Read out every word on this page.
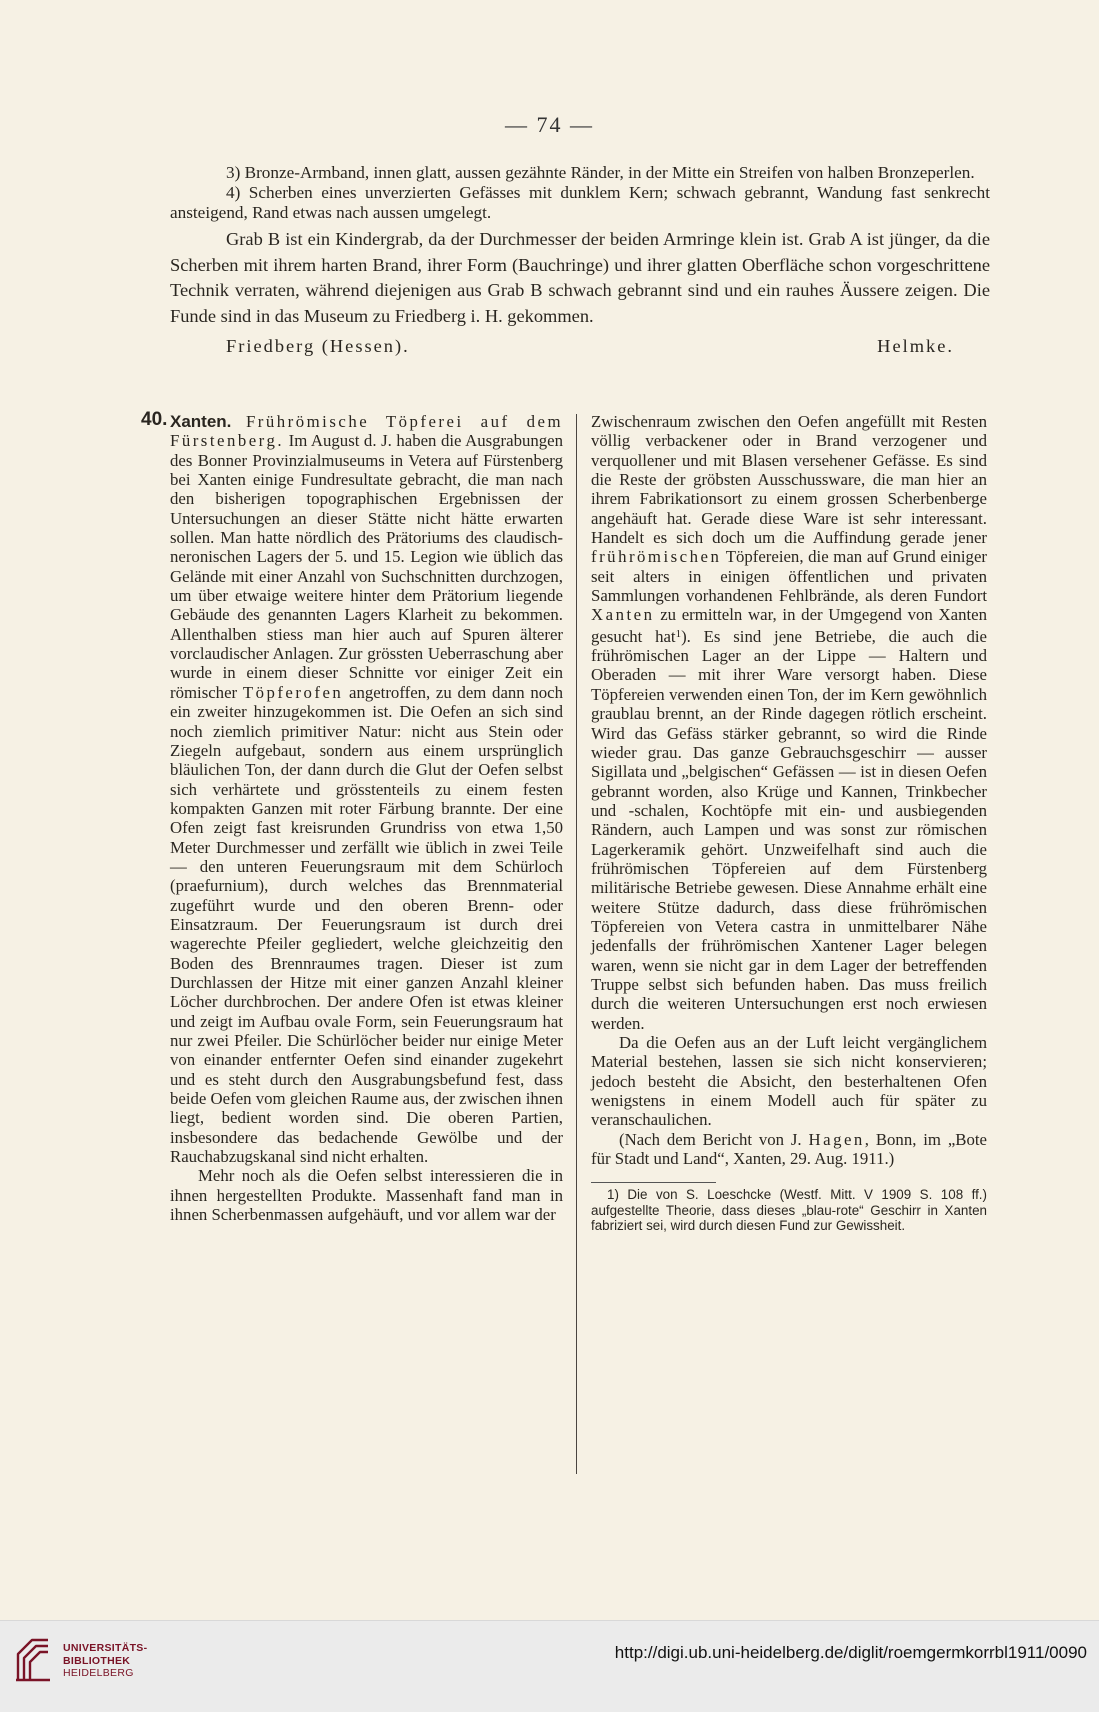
— 74 —

3) Bronze-Armband, innen glatt, aussen gezähnte Ränder, in der Mitte ein Streifen von halben Bronzeperlen.

4) Scherben eines unverzierten Gefässes mit dunklem Kern; schwach gebrannt, Wandung fast senkrecht ansteigend, Rand etwas nach aussen umgelegt.

Grab B ist ein Kindergrab, da der Durchmesser der beiden Armringe klein ist. Grab A ist jünger, da die Scherben mit ihrem harten Brand, ihrer Form (Bauchringe) und ihrer glatten Oberfläche schon vorgeschrittene Technik verraten, während diejenigen aus Grab B schwach gebrannt sind und ein rauhes Äussere zeigen. Die Funde sind in das Museum zu Friedberg i. H. gekommen.

Friedberg (Hessen).	Helmke.
40. Xanten. Frührömische Töpferei auf dem Fürstenberg. Im August d. J. haben die Ausgrabungen des Bonner Provinzialmuseums in Vetera auf Fürstenberg bei Xanten einige Fundresultate gebracht, die man nach den bisherigen topographischen Ergebnissen der Untersuchungen an dieser Stätte nicht hätte erwarten sollen. Man hatte nördlich des Prätoriums des claudisch-neronischen Lagers der 5. und 15. Legion wie üblich das Gelände mit einer Anzahl von Suchschnitten durchzogen, um über etwaige weitere hinter dem Prätorium liegende Gebäude des genannten Lagers Klarheit zu bekommen. Allenthalben stiess man hier auch auf Spuren älterer vorclaudischer Anlagen. Zur grössten Ueberraschung aber wurde in einem dieser Schnitte vor einiger Zeit ein römischer Töpferofen angetroffen, zu dem dann noch ein zweiter hinzugekommen ist. Die Oefen an sich sind noch ziemlich primitiver Natur: nicht aus Stein oder Ziegeln aufgebaut, sondern aus einem ursprünglich bläulichen Ton, der dann durch die Glut der Oefen selbst sich verhärtete und grösstenteils zu einem festen kompakten Ganzen mit roter Färbung brannte. Der eine Ofen zeigt fast kreisrunden Grundriss von etwa 1,50 Meter Durchmesser und zerfällt wie üblich in zwei Teile — den unteren Feuerungsraum mit dem Schürloch (praefurnium), durch welches das Brennmaterial zugeführt wurde und den oberen Brenn- oder Einsatzraum. Der Feuerungsraum ist durch drei wagerechte Pfeiler gegliedert, welche gleichzeitig den Boden des Brennraumes tragen. Dieser ist zum Durchlassen der Hitze mit einer ganzen Anzahl kleiner Löcher durchbrochen. Der andere Ofen ist etwas kleiner und zeigt im Aufbau ovale Form, sein Feuerungsraum hat nur zwei Pfeiler. Die Schürlöcher beider nur einige Meter von einander entfernter Oefen sind einander zugekehrt und es steht durch den Ausgrabungsbefund fest, dass beide Oefen vom gleichen Raume aus, der zwischen ihnen liegt, bedient worden sind. Die oberen Partien, insbesondere das bedachende Gewölbe und der Rauchabzugskanal sind nicht erhalten.

Mehr noch als die Oefen selbst interessieren die in ihnen hergestellten Produkte. Massenhaft fand man in ihnen Scherbenmassen aufgehäuft, und vor allem war der

Zwischenraum zwischen den Oefen angefüllt mit Resten völlig verbackener oder in Brand verzogener und verquollener und mit Blasen versehener Gefässe. Es sind die Reste der gröbsten Ausschussware, die man hier an ihrem Fabrikationsort zu einem grossen Scherbenberge angehäuft hat. Gerade diese Ware ist sehr interessant. Handelt es sich doch um die Auffindung gerade jener frührömischen Töpfereien, die man auf Grund einiger seit alters in einigen öffentlichen und privaten Sammlungen vorhandenen Fehlbrände, als deren Fundort Xanten zu ermitteln war, in der Umgegend von Xanten gesucht hat$^1$). Es sind jene Betriebe, die auch die frührömischen Lager an der Lippe — Haltern und Oberaden — mit ihrer Ware versorgt haben. Diese Töpfereien verwenden einen Ton, der im Kern gewöhnlich graublau brennt, an der Rinde dagegen rötlich erscheint. Wird das Gefäss stärker gebrannt, so wird die Rinde wieder grau. Das ganze Gebrauchsgeschirr — ausser Sigillata und „belgischen“ Gefässen — ist in diesen Oefen gebrannt worden, also Krüge und Kannen, Trinkbecher und -schalen, Kochtöpfe mit ein- und ausbiegenden Rändern, auch Lampen und was sonst zur römischen Lagerkeramik gehört. Unzweifelhaft sind auch die frührömischen Töpfereien auf dem Fürstenberg militärische Betriebe gewesen. Diese Annahme erhält eine weitere Stütze dadurch, dass diese frührömischen Töpfereien von Vetera castra in unmittelbarer Nähe jedenfalls der frührömischen Xantener Lager belegen waren, wenn sie nicht gar in dem Lager der betreffenden Truppe selbst sich befunden haben. Das muss freilich durch die weiteren Untersuchungen erst noch erwiesen werden.

Da die Oefen aus an der Luft leicht vergänglichem Material bestehen, lassen sie sich nicht konservieren; jedoch besteht die Absicht, den besterhaltenen Ofen wenigstens in einem Modell auch für später zu veranschaulichen.

(Nach dem Bericht von J. Hagen, Bonn, im „Bote für Stadt und Land“, Xanten, 29. Aug. 1911.)

1) Die von S. Loeschcke (Westf. Mitt. V 1909 S. 108 ff.) aufgestellte Theorie, dass dieses „blau-rote“ Geschirr in Xanten fabriziert sei, wird durch diesen Fund zur Gewissheit.

UNIVERSITÄTS-
BIBLIOTHEK
HEIDELBERG
http://digi.ub.uni-heidelberg.de/diglit/roemgermkorrbl1911/0090
